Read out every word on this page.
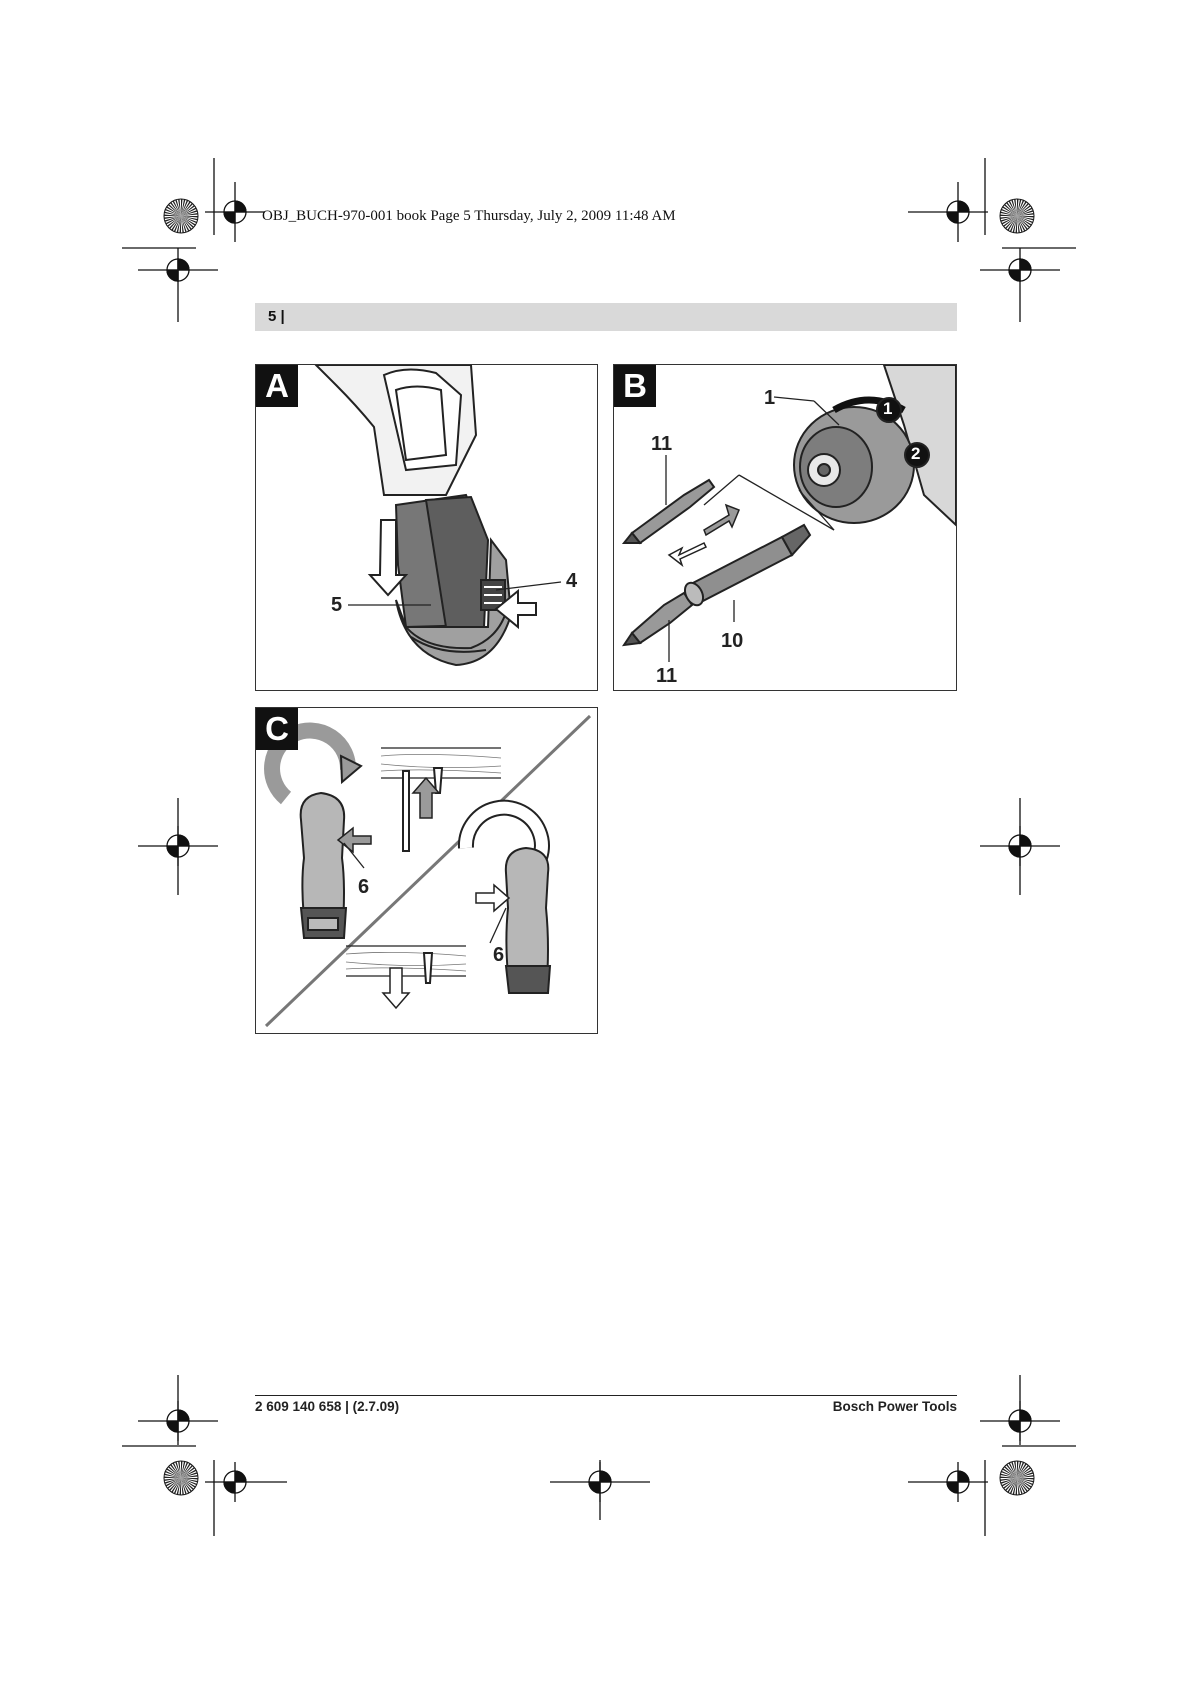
OBJ_BUCH-970-001 book Page 5 Thursday, July 2, 2009 11:48 AM
5 |
A
5
4
B	1
11
10
11
1
2
C
6
6
2 609 140 658 | (2.7.09)	Bosch Power Tools
